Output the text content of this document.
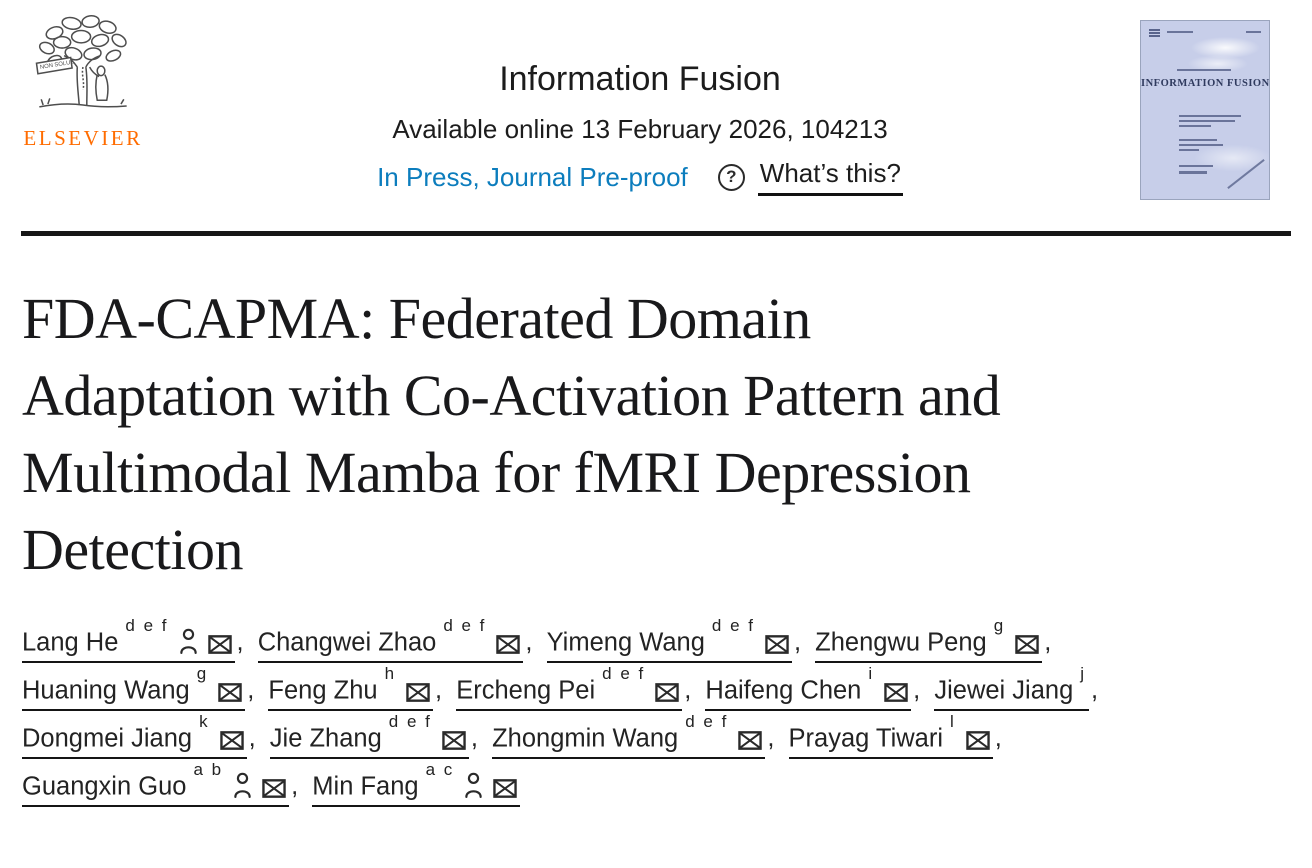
NON SOLUS
ELSEVIER
Information Fusion
Available online 13 February 2026, 104213
In Press, Journal Pre-proof	? What’s this?
INFORMATION FUSION
FDA-CAPMA: Federated Domain
Adaptation with Co-Activation Pattern and
Multimodal Mamba for fMRI Depression
Detection
Lang $He^{d e f}$, Changwei Zhao$^{d e f}$, Yimeng Wang$^{d e f}$, Zhengwu Peng$^g$, Huaning Wang$^g$, Feng Zhu$^h$, Ercheng Pei$^{d e f}$, Haifeng Chen$^i$, Jiewei Jiang$^j$, Dongmei Jiang$^k$, Jie Zhang$^{d e f}$, Zhongmin Wang$^{d e f}$, Prayag Tiwari$^l$, Guangxin Guo$^{a b}$, Min Fang$^{a c}$
